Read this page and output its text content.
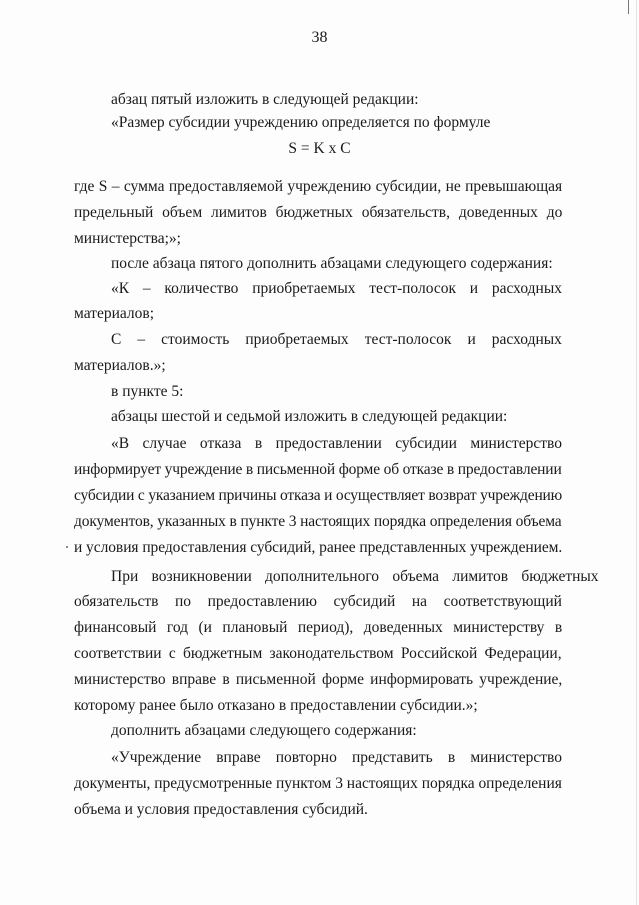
38
абзац пятый изложить в следующей редакции:
«Размер субсидии учреждению определяется по формуле
S = K x C
где S – сумма предоставляемой учреждению субсидии, не превышающая
предельный объем лимитов бюджетных обязательств, доведенных до
министерства;»;
после абзаца пятого дополнить абзацами следующего содержания:
«К – количество приобретаемых тест-полосок и расходных
материалов;
С – стоимость приобретаемых тест-полосок и расходных
материалов.»;
в пункте 5:
абзацы шестой и седьмой изложить в следующей редакции:
«В случае отказа в предоставлении субсидии министерство
информирует учреждение в письменной форме об отказе в предоставлении
субсидии с указанием причины отказа и осуществляет возврат учреждению
документов, указанных в пункте 3 настоящих порядка определения объема
и условия предоставления субсидий, ранее представленных учреждением.
При возникновении дополнительного объема лимитов бюджетных
обязательств по предоставлению субсидий на соответствующий
финансовый год (и плановый период), доведенных министерству в
соответствии с бюджетным законодательством Российской Федерации,
министерство вправе в письменной форме информировать учреждение,
которому ранее было отказано в предоставлении субсидии.»;
дополнить абзацами следующего содержания:
«Учреждение вправе повторно представить в министерство
документы, предусмотренные пунктом 3 настоящих порядка определения
объема и условия предоставления субсидий.
